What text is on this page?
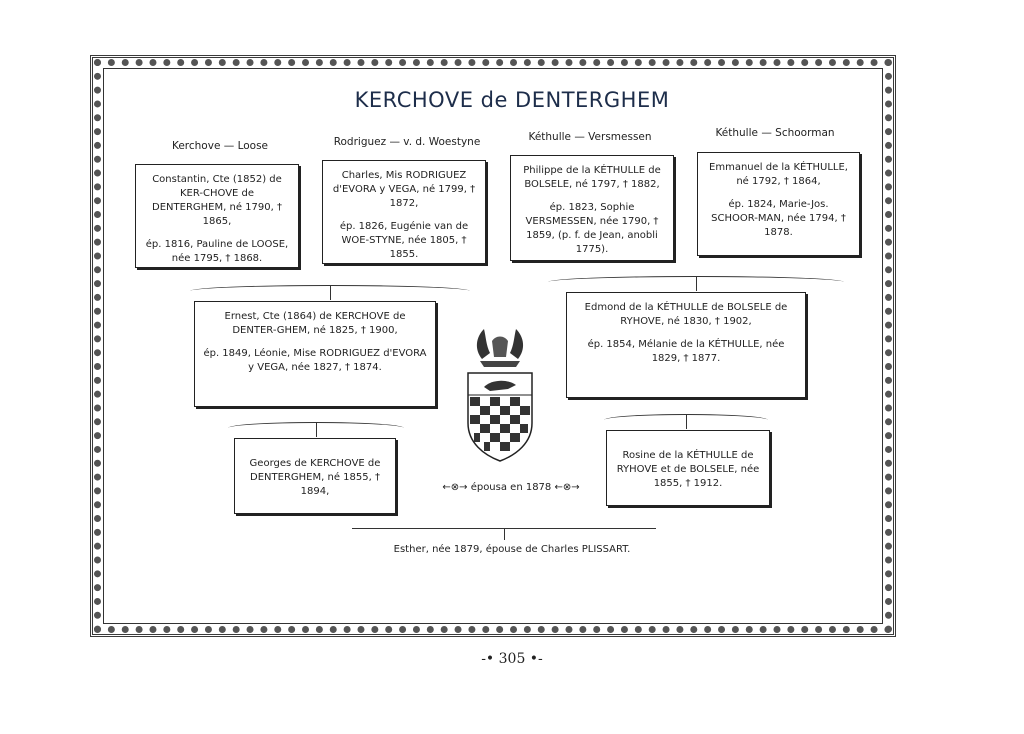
KERCHOVE de DENTERGHEM
Kerchove — Loose	Rodriguez — v. d. Woestyne	Kéthulle — Versmessen	Kéthulle — Schoorman

Constantin, Cte (1852) de KER-CHOVE de DENTERGHEM, né 1790, † 1865,

ép. 1816, Pauline de LOOSE, née 1795, † 1868.

Charles, Mis RODRIGUEZ d'EVORA y VEGA, né 1799, † 1872,

ép. 1826, Eugénie van de WOE-STYNE, née 1805, † 1855.

Philippe de la KÉTHULLE de BOLSELE, né 1797, † 1882,

ép. 1823, Sophie VERSMESSEN, née 1790, † 1859, (p. f. de Jean, anobli 1775).

Emmanuel de la KÉTHULLE, né 1792, † 1864,

ép. 1824, Marie-Jos. SCHOOR-MAN, née 1794, † 1878.

Ernest, Cte (1864) de KERCHOVE de DENTER-GHEM, né 1825, † 1900,

ép. 1849, Léonie, Mise RODRIGUEZ d'EVORA y VEGA, née 1827, † 1874.

Edmond de la KÉTHULLE de BOLSELE de RYHOVE, né 1830, † 1902,

ép. 1854, Mélanie de la KÉTHULLE, née 1829, † 1877.

Georges de KERCHOVE de DENTERGHEM, né 1855, † 1894,

Rosine de la KÉTHULLE de RYHOVE et de BOLSELE, née 1855, † 1912.

←⊗→ épousa en 1878 ←⊗→
Esther, née 1879, épouse de Charles PLISSART.
-• 305 •-
